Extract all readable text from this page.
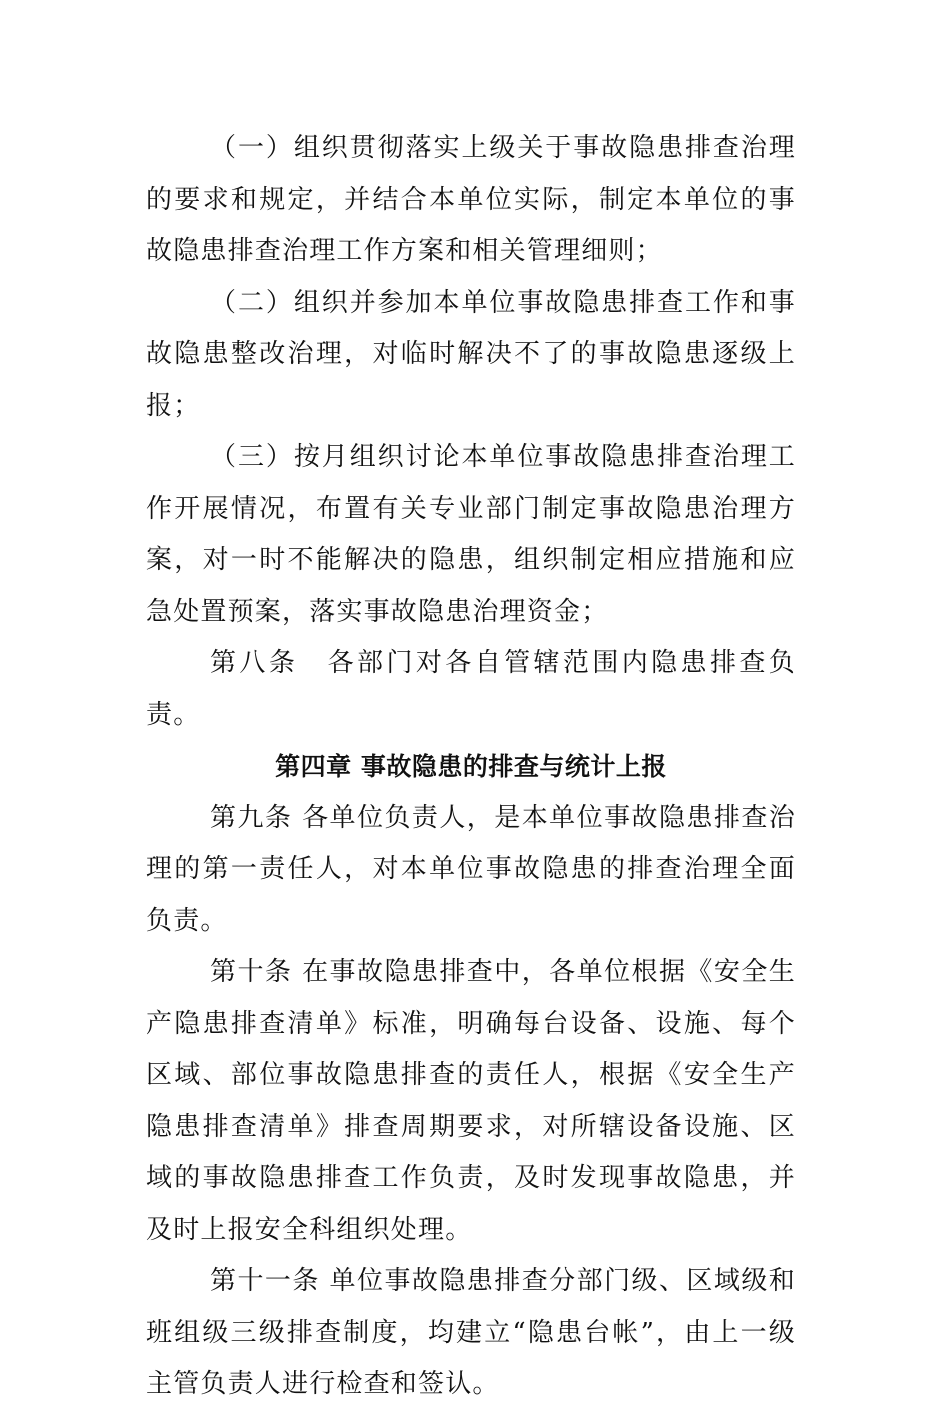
（一）组织贯彻落实上级关于事故隐患排查治理的要求和规定，并结合本单位实际，制定本单位的事故隐患排查治理工作方案和相关管理细则；

（二）组织并参加本单位事故隐患排查工作和事故隐患整改治理，对临时解决不了的事故隐患逐级上报；

（三）按月组织讨论本单位事故隐患排查治理工作开展情况，布置有关专业部门制定事故隐患治理方案，对一时不能解决的隐患，组织制定相应措施和应急处置预案，落实事故隐患治理资金；

第八条　各部门对各自管辖范围内隐患排查负责。

第四章 事故隐患的排查与统计上报

第九条 各单位负责人，是本单位事故隐患排查治理的第一责任人，对本单位事故隐患的排查治理全面负责。

第十条 在事故隐患排查中，各单位根据《安全生产隐患排查清单》标准，明确每台设备、设施、每个区域、部位事故隐患排查的责任人，根据《安全生产隐患排查清单》排查周期要求，对所辖设备设施、区域的事故隐患排查工作负责，及时发现事故隐患，并及时上报安全科组织处理。

第十一条 单位事故隐患排查分部门级、区域级和班组级三级排查制度，均建立“隐患台帐”，由上一级主管负责人进行检查和签认。
